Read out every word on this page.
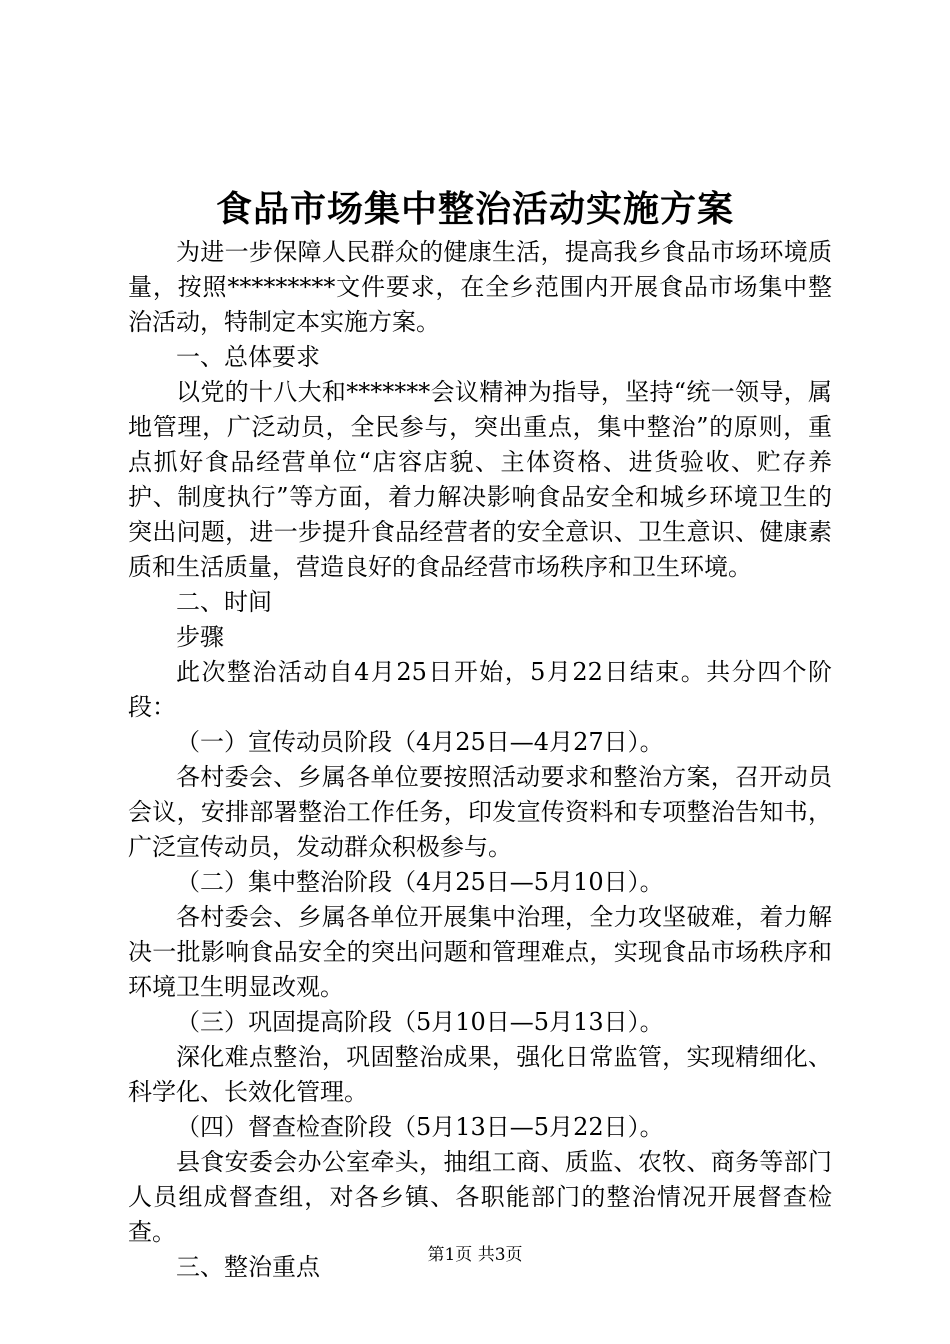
食品市场集中整治活动实施方案

为进一步保障人民群众的健康生活，提高我乡食品市场环境质量，按照*********文件要求，在全乡范围内开展食品市场集中整治活动，特制定本实施方案。

一、总体要求

以党的十八大和*******会议精神为指导，坚持“统一领导，属地管理，广泛动员，全民参与，突出重点，集中整治”的原则，重点抓好食品经营单位“店容店貌、主体资格、进货验收、贮存养护、制度执行”等方面，着力解决影响食品安全和城乡环境卫生的突出问题，进一步提升食品经营者的安全意识、卫生意识、健康素质和生活质量，营造良好的食品经营市场秩序和卫生环境。

二、时间

步骤

此次整治活动自4月25日开始，5月22日结束。共分四个阶段：

（一）宣传动员阶段（4月25日—4月27日）。

各村委会、乡属各单位要按照活动要求和整治方案，召开动员会议，安排部署整治工作任务，印发宣传资料和专项整治告知书，广泛宣传动员，发动群众积极参与。

（二）集中整治阶段（4月25日—5月10日）。

各村委会、乡属各单位开展集中治理，全力攻坚破难，着力解决一批影响食品安全的突出问题和管理难点，实现食品市场秩序和环境卫生明显改观。

（三）巩固提高阶段（5月10日—5月13日）。

深化难点整治，巩固整治成果，强化日常监管，实现精细化、科学化、长效化管理。

（四）督查检查阶段（5月13日—5月22日）。

县食安委会办公室牵头，抽组工商、质监、农牧、商务等部门人员组成督查组，对各乡镇、各职能部门的整治情况开展督查检查。

三、整治重点	第1页 共3页
